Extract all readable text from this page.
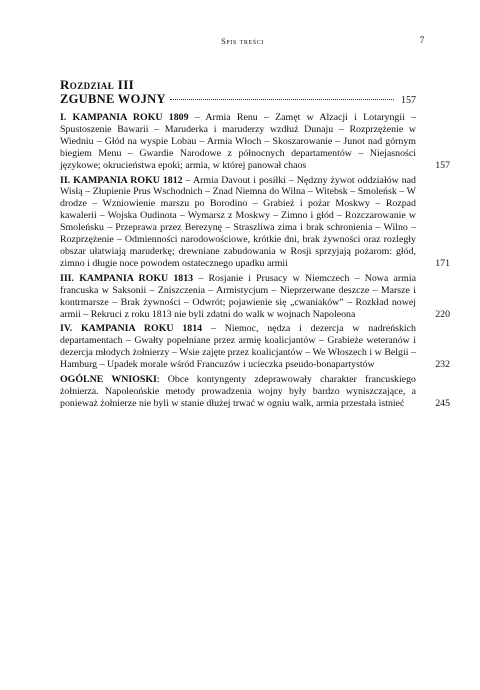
Spis treści	7
Rozdział III
ZGUBNE WOJNY	157
I. KAMPANIA ROKU 1809 – Armia Renu – Zamęt w Alzacji i Lotaryngii – Spustoszenie Bawarii – Maruderka i maruderzy wzdłuż Dunaju – Rozprzężenie w Wiedniu – Głód na wyspie Lobau – Armia Włoch – Skoszarowanie – Junot nad górnym biegiem Menu – Gwardie Narodowe z północnych departamentów – Niejasności językowe; okrucieństwa epoki; armia, w której panował chaos	157
II. KAMPANIA ROKU 1812 – Armia Davout i posiłki – Nędzny żywot oddziałów nad Wisłą – Złupienie Prus Wschodnich – Znad Niemna do Wilna – Witebsk – Smoleńsk – W drodze – Wzniowienie marszu po Borodino – Grabież i pożar Moskwy – Rozpad kawalerii – Wojska Oudinota – Wymarsz z Moskwy – Zimno i głód – Rozczarowanie w Smoleńsku – Przeprawa przez Berezynę – Straszliwa zima i brak schronienia – Wilno – Rozprzężenie – Odmienności narodowościowe, krótkie dni, brak żywności oraz rozległy obszar ułatwiają maruderkę; drewniane zabudowania w Rosji sprzyjają pożarom: głód, zimno i długie noce powodem ostatecznego upadku armii	171
III. KAMPANIA ROKU 1813 – Rosjanie i Prusacy w Niemczech – Nowa armia francuska w Saksonii – Zniszczenia – Armistycjum – Nieprzerwane deszcze – Marsze i kontrmarsze – Brak żywności – Odwrót; pojawienie się „cwaniaków” – Rozkład nowej armii – Rekruci z roku 1813 nie byli zdatni do walk w wojnach Napoleona	220
IV. KAMPANIA ROKU 1814 – Niemoc, nędza i dezercja w nadreńskich departamentach – Gwałty popełniane przez armię koalicjantów – Grabieże weteranów i dezercja młodych żołnierzy – Wsie zajęte przez koalicjantów – We Włoszech i w Belgii – Hamburg – Upadek morale wśród Francuzów i ucieczka pseudo-bonapartystów	232
OGÓLNE WNIOSKI: Obce kontyngenty zdeprawowały charakter francuskiego żołnierza. Napoleońskie metody prowadzenia wojny były bardzo wyniszczające, a ponieważ żołnierze nie byli w stanie dłużej trwać w ogniu walk, armia przestała istnieć	245
